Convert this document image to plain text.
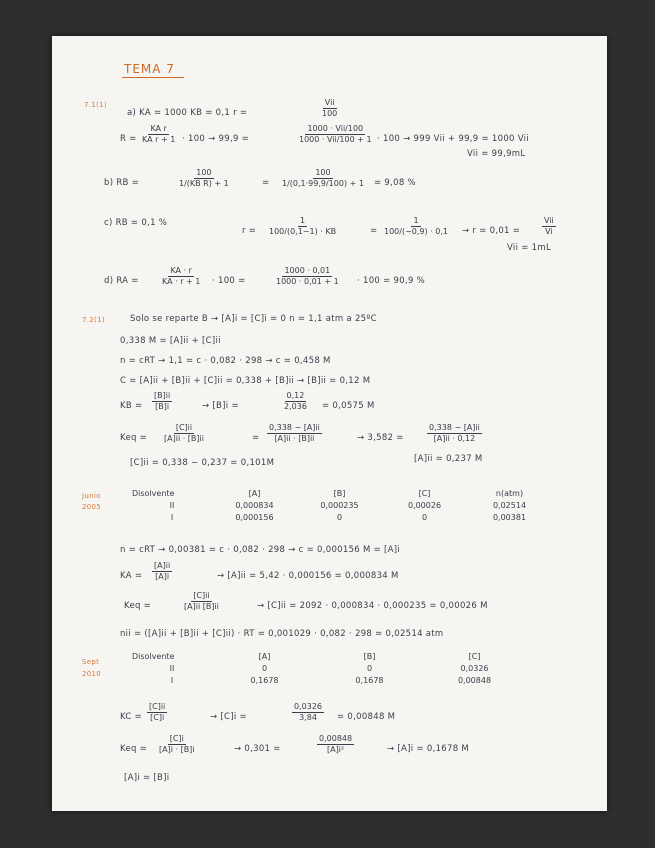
TEMA 7
7.1(1)
a) KA = 1000 KB = 0,1 r =
Vii
100
$R = \frac{\text{KA r}}{\text{KA r + 1}} \cdot 100 \to 99,9$ =
1000 · Vii/100
1000 · Vii/100 + 1 · 100 → 999 Vii + 99,9 = 1000 Vii
Vii = 99,9mL
b) RB =	$\frac{100}{\text{1/(KB R) + 1}}$	= $\frac{100}{1/(0,1\cdot 99,9/100) + 1} = 9,08$ %
c) RB = 0,1 %
$r = \frac{1}{100/(0,1-1) \cdot KB}$	= $\frac{1}{100/(-0,9) \cdot 0,1} \to r = 0,01$ =
Vii
Vi
Vii = 1mL
d) RA =	$\frac{KA \cdot r}{KA \cdot r + 1} \cdot 100$ =	$\frac{1000 \cdot 0,01}{1000 \cdot 0,01 + 1} \cdot 100 = 90,9$ %
7.2(1)	Solo se reparte B → [A]i = [C]i = 0 n = 1,1 atm a 25ºC
0,338 M = [A]ii + [C]ii
n = cRT → 1,1 = c · 0,082 · 298 → c = 0,458 M
C = [A]ii + [B]ii + [C]ii = 0,338 + [B]ii → [B]ii = 0,12 M
KB = $\frac{[B]ii}{[B]i}$	→ [B]i =	$\frac{0,12}{2,036} = 0,0575$ M
Keq = $\frac{[C]ii}{[A]ii \cdot [B]ii}$	= $\frac{0,338 - [A]ii}{[A]ii \cdot [B]ii}$	→ 3,582 =	$\frac{0,338 - [A]ii}{[A]ii \cdot 0,12}$
[C]ii = 0,338 − 0,237 = 0,101M	[A]ii = 0,237 M
Junio
2005
Disolvente	[A]	[B]	[C]	n(atm)
II	0,000834	0,000235	0,00026	0,02514
I	0,000156	0	0	0,00381
n = cRT → 0,00381 = c · 0,082 · 298 → c = 0,000156 M = [A]i
KA = $\frac{[A]ii}{[A]i}$	→ [A]ii = 5,42 · 0,000156 = 0,000834 M
Keq =	$\frac{[C]ii}{[A]ii [B]ii}$	→ [C]ii = 2092 · 0,000834 · 0,000235 = 0,00026 M
nii = ([A]ii + [B]ii + [C]ii) · RT = 0,001029 · 0,082 · 298 = 0,02514 atm
Sept
2010
Disolvente	[A]	[B]	[C]
II	0	0	0,0326
I	0,1678	0,1678	0,00848
KC = $\frac{[C]ii}{[C]i}$	→ [C]i =	$\frac{0,0326}{3,84} = 0,00848$ M
Keq = $\frac{[C]i}{[A]i \cdot [B]i}$	→ 0,301 =	$\frac{0,00848}{\text{[A]i²}}$	→ [A]i = 0,1678 M
[A]i = [B]i
